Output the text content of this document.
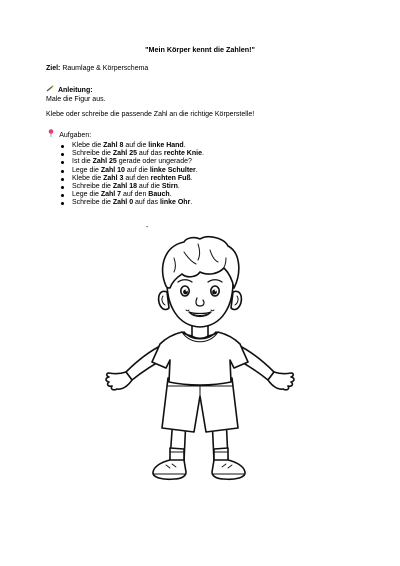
"Mein Körper kennt die Zahlen!"
Ziel: Raumlage & Körperschema
Anleitung:
Male die Figur aus.
Klebe oder schreibe die passende Zahl an die richtige Körperstelle!
Aufgaben:
Klebe die Zahl 8 auf die linke Hand.
Schreibe die Zahl 25 auf das rechte Knie.
Ist die Zahl 25 gerade oder ungerade?
Lege die Zahl 10 auf die linke Schulter.
Klebe die Zahl 3 auf den rechten Fuß.
Schreibe die Zahl 18 auf die Stirn.
Lege die Zahl 7 auf den Bauch.
Schreibe die Zahl 0 auf das linke Ohr.
-
